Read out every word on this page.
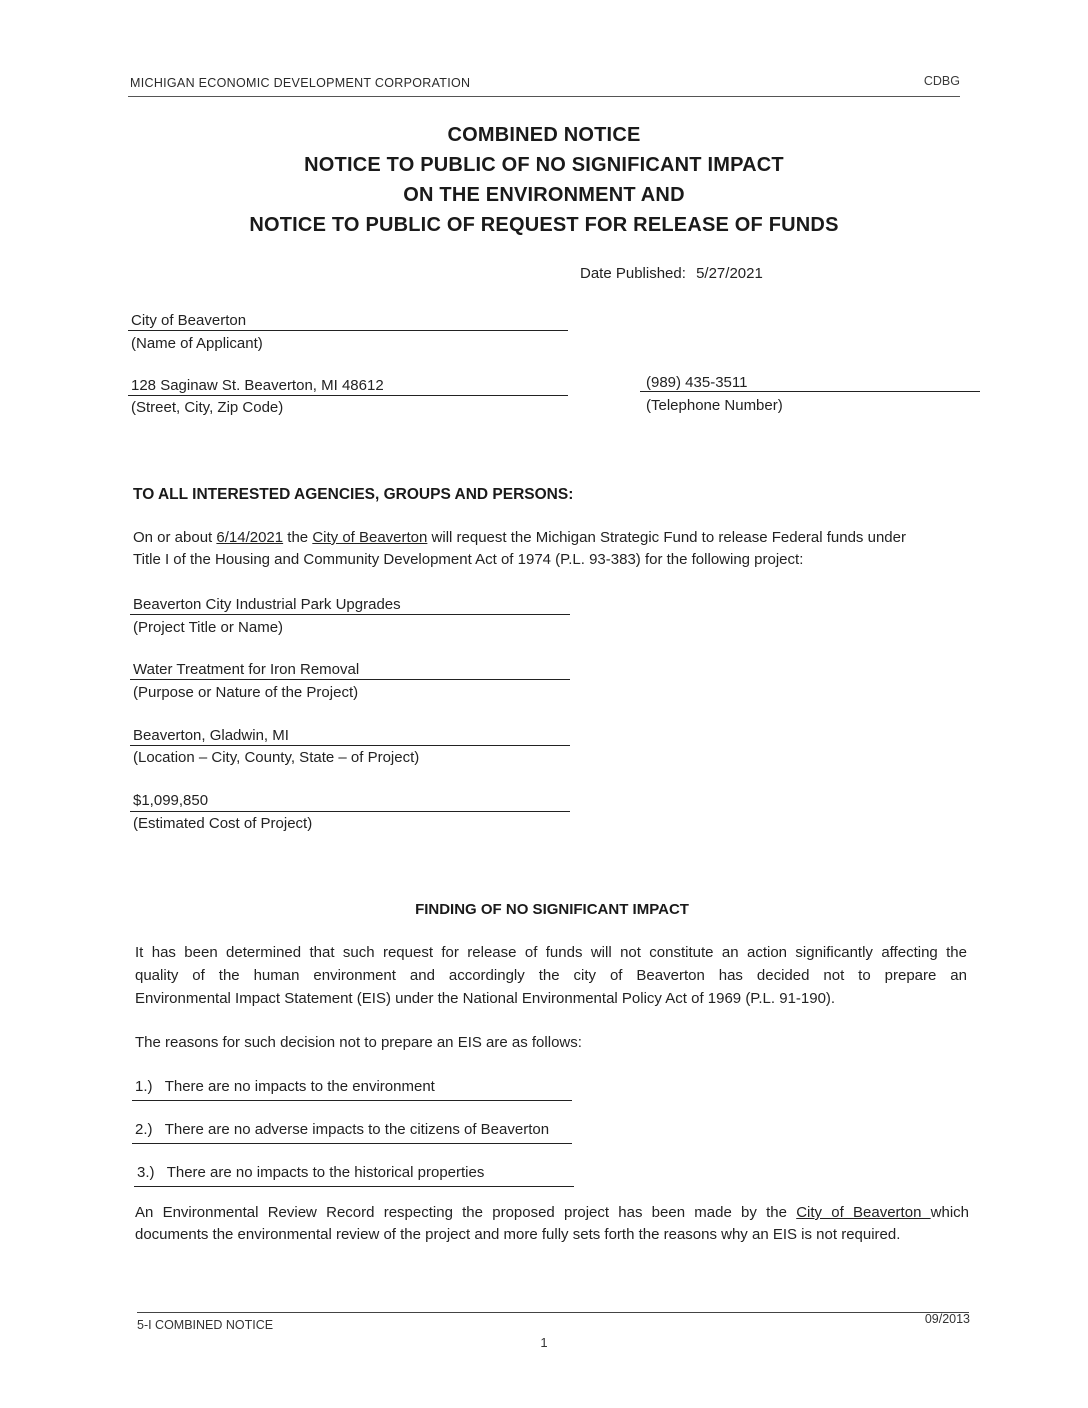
MICHIGAN ECONOMIC DEVELOPMENT CORPORATION	CDBG
COMBINED NOTICE
NOTICE TO PUBLIC OF NO SIGNIFICANT IMPACT
ON THE ENVIRONMENT AND
NOTICE TO PUBLIC OF REQUEST FOR RELEASE OF FUNDS
Date Published: 5/27/2021
City of Beaverton
(Name of Applicant)
128 Saginaw St. Beaverton, MI 48612
(Street, City, Zip Code)
(989) 435-3511
(Telephone Number)
TO ALL INTERESTED AGENCIES, GROUPS AND PERSONS:
On or about 6/14/2021 the City of Beaverton will request the Michigan Strategic Fund to release Federal funds under
Title I of the Housing and Community Development Act of 1974 (P.L. 93-383) for the following project:
Beaverton City Industrial Park Upgrades
(Project Title or Name)
Water Treatment for Iron Removal
(Purpose or Nature of the Project)
Beaverton, Gladwin, MI
(Location – City, County, State – of Project)
$1,099,850
(Estimated Cost of Project)
FINDING OF NO SIGNIFICANT IMPACT
It has been determined that such request for release of funds will not constitute an action significantly affecting the
quality of the human environment and accordingly the city of Beaverton has decided not to prepare an
Environmental Impact Statement (EIS) under the National Environmental Policy Act of 1969 (P.L. 91-190).
The reasons for such decision not to prepare an EIS are as follows:
1.) There are no impacts to the environment
2.) There are no adverse impacts to the citizens of Beaverton
3.) There are no impacts to the historical properties
An Environmental Review Record respecting the proposed project has been made by the City of Beaverton which
documents the environmental review of the project and more fully sets forth the reasons why an EIS is not required.
5-I COMBINED NOTICE	09/2013
1
